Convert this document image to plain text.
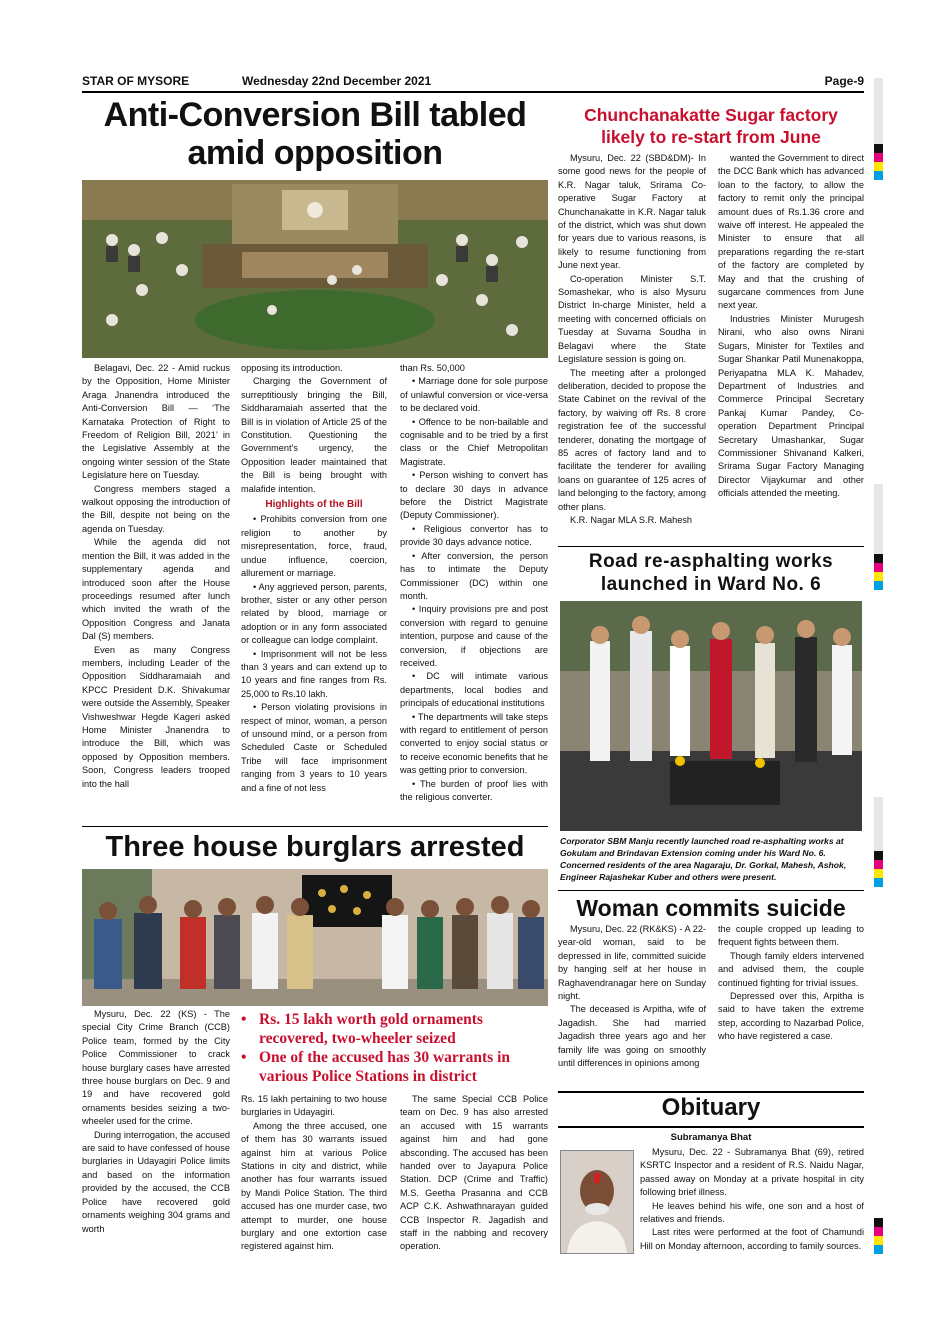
STAR OF MYSORE	Wednesday 22nd December 2021	Page-9
Anti-Conversion Bill tabled
amid opposition

Belagavi, Dec. 22 - Amid ruckus by the Opposition, Home Minister Araga Jnanendra introduced the Anti-Conversion Bill — ‘The Karnataka Protection of Right to Freedom of Religion Bill, 2021’ in the Legislative Assembly at the ongoing winter session of the State Legislature here on Tuesday.

Congress members staged a walkout opposing the introduction of the Bill, despite not being on the agenda on Tuesday.

While the agenda did not mention the Bill, it was added in the supplementary agenda and introduced soon after the House proceedings resumed after lunch which invited the wrath of the Opposition Congress and Janata Dal (S) members.

Even as many Congress members, including Leader of the Opposition Siddharamaiah and KPCC President D.K. Shivakumar were outside the Assembly, Speaker Vishweshwar Hegde Kageri asked Home Minister Jnanendra to introduce the Bill, which was opposed by Opposition members. Soon, Congress leaders trooped into the hall

opposing its introduction.

Charging the Government of surreptitiously bringing the Bill, Siddharamaiah asserted that the Bill is in violation of Article 25 of the Constitution. Questioning the Government’s urgency, the Opposition leader maintained that the Bill is being brought with malafide intention.

Highlights of the Bill

• Prohibits conversion from one religion to another by misrepresentation, force, fraud, undue influence, coercion, allurement or marriage.

• Any aggrieved person, parents, brother, sister or any other person related by blood, marriage or adoption or in any form associated or colleague can lodge complaint.

• Imprisonment will not be less than 3 years and can extend up to 10 years and fine ranges from Rs. 25,000 to Rs.10 lakh.

• Person violating provisions in respect of minor, woman, a person of unsound mind, or a person from Scheduled Caste or Scheduled Tribe will face imprisonment ranging from 3 years to 10 years and a fine of not less

than Rs. 50,000

• Marriage done for sole purpose of unlawful conversion or vice-versa to be declared void.

• Offence to be non-bailable and cognisable and to be tried by a first class or the Chief Metropolitan Magistrate.

• Person wishing to convert has to declare 30 days in advance before the District Magistrate (Deputy Commissioner).

• Religious convertor has to provide 30 days advance notice.

• After conversion, the person has to intimate the Deputy Commissioner (DC) within one month.

• Inquiry provisions pre and post conversion with regard to genuine intention, purpose and cause of the conversion, if objections are received.

• DC will intimate various departments, local bodies and principals of educational institutions

• The departments will take steps with regard to entitlement of person converted to enjoy social status or to receive economic benefits that he was getting prior to conversion.

• The burden of proof lies with the religious converter.

Chunchanakatte Sugar factory
likely to re-start from June

Mysuru, Dec. 22 (SBD&DM)- In some good news for the people of K.R. Nagar taluk, Srirama Co-operative Sugar Factory at Chunchanakatte in K.R. Nagar taluk of the district, which was shut down for years due to various reasons, is likely to resume functioning from June next year.

Co-operation Minister S.T. Somashekar, who is also Mysuru District In-charge Minister, held a meeting with concerned officials on Tuesday at Suvarna Soudha in Belagavi where the State Legislature session is going on.

The meeting after a prolonged deliberation, decided to propose the State Cabinet on the revival of the factory, by waiving off Rs. 8 crore registration fee of the successful tenderer, donating the mortgage of 85 acres of factory land and to facilitate the tenderer for availing loans on guarantee of 125 acres of land belonging to the factory, among other plans.

K.R. Nagar MLA S.R. Mahesh

wanted the Government to direct the DCC Bank which has advanced loan to the factory, to allow the factory to remit only the principal amount dues of Rs.1.36 crore and waive off interest. He appealed the Minister to ensure that all preparations regarding the re-start of the factory are completed by May and that the crushing of sugarcane commences from June next year.

Industries Minister Murugesh Nirani, who also owns Nirani Sugars, Minister for Textiles and Sugar Shankar Patil Munenakoppa, Periyapatna MLA K. Mahadev, Department of Industries and Commerce Principal Secretary Pankaj Kumar Pandey, Co-operation Department Principal Secretary Umashankar, Sugar Commissioner Shivanand Kalkeri, Srirama Sugar Factory Managing Director Vijaykumar and other officials attended the meeting.

Road re-asphalting works
launched in Ward No. 6
Corporator SBM Manju recently launched road re-asphalting works at Gokulam and Brindavan Extension coming under his Ward No. 6. Concerned residents of the area Nagaraju, Dr. Gorkal, Mahesh, Ashok, Engineer Rajashekar Kuber and others were present.
Three house burglars arrested

Mysuru, Dec. 22 (KS) - The special City Crime Branch (CCB) Police team, formed by the City Police Commissioner to crack house burglary cases have arrested three house burglars on Dec. 9 and 19 and have recovered gold ornaments besides seizing a two-wheeler used for the crime.

During interrogation, the accused are said to have confessed of house burglaries in Udayagiri Police limits and based on the information provided by the accused, the CCB Police have recovered gold ornaments weighing 304 grams and worth

• Rs. 15 lakh worth gold ornaments recovered, two-wheeler seized
• One of the accused has 30 warrants in various Police Stations in district

Rs. 15 lakh pertaining to two house burglaries in Udayagiri.

Among the three accused, one of them has 30 warrants issued against him at various Police Stations in city and district, while another has four warrants issued by Mandi Police Station. The third accused has one murder case, two attempt to murder, one house burglary and one extortion case registered against him.

The same Special CCB Police team on Dec. 9 has also arrested an accused with 15 warrants against him and had gone absconding. The accused has been handed over to Jayapura Police Station. DCP (Crime and Traffic) M.S. Geetha Prasanna and CCB ACP C.K. Ashwathnarayan guided CCB Inspector R. Jagadish and staff in the nabbing and recovery operation.

Woman commits suicide

Mysuru, Dec. 22 (RK&KS) - A 22-year-old woman, said to be depressed in life, committed suicide by hanging self at her house in Raghavendranagar here on Sunday night.

The deceased is Arpitha, wife of Jagadish. She had married Jagadish three years ago and her family life was going on smoothly until differences in opinions among

the couple cropped up leading to frequent fights between them.

Though family elders intervened and advised them, the couple continued fighting for trivial issues.

Depressed over this, Arpitha is said to have taken the extreme step, according to Nazarbad Police, who have registered a case.

Obituary
Subramanya Bhat

Mysuru, Dec. 22 - Subramanya Bhat (69), retired KSRTC Inspector and a resident of R.S. Naidu Nagar, passed away on Monday at a private hospital in city following brief illness.

He leaves behind his wife, one son and a host of relatives and friends.

Last rites were performed at the foot of Chamundi Hill on Monday afternoon, according to family sources.
